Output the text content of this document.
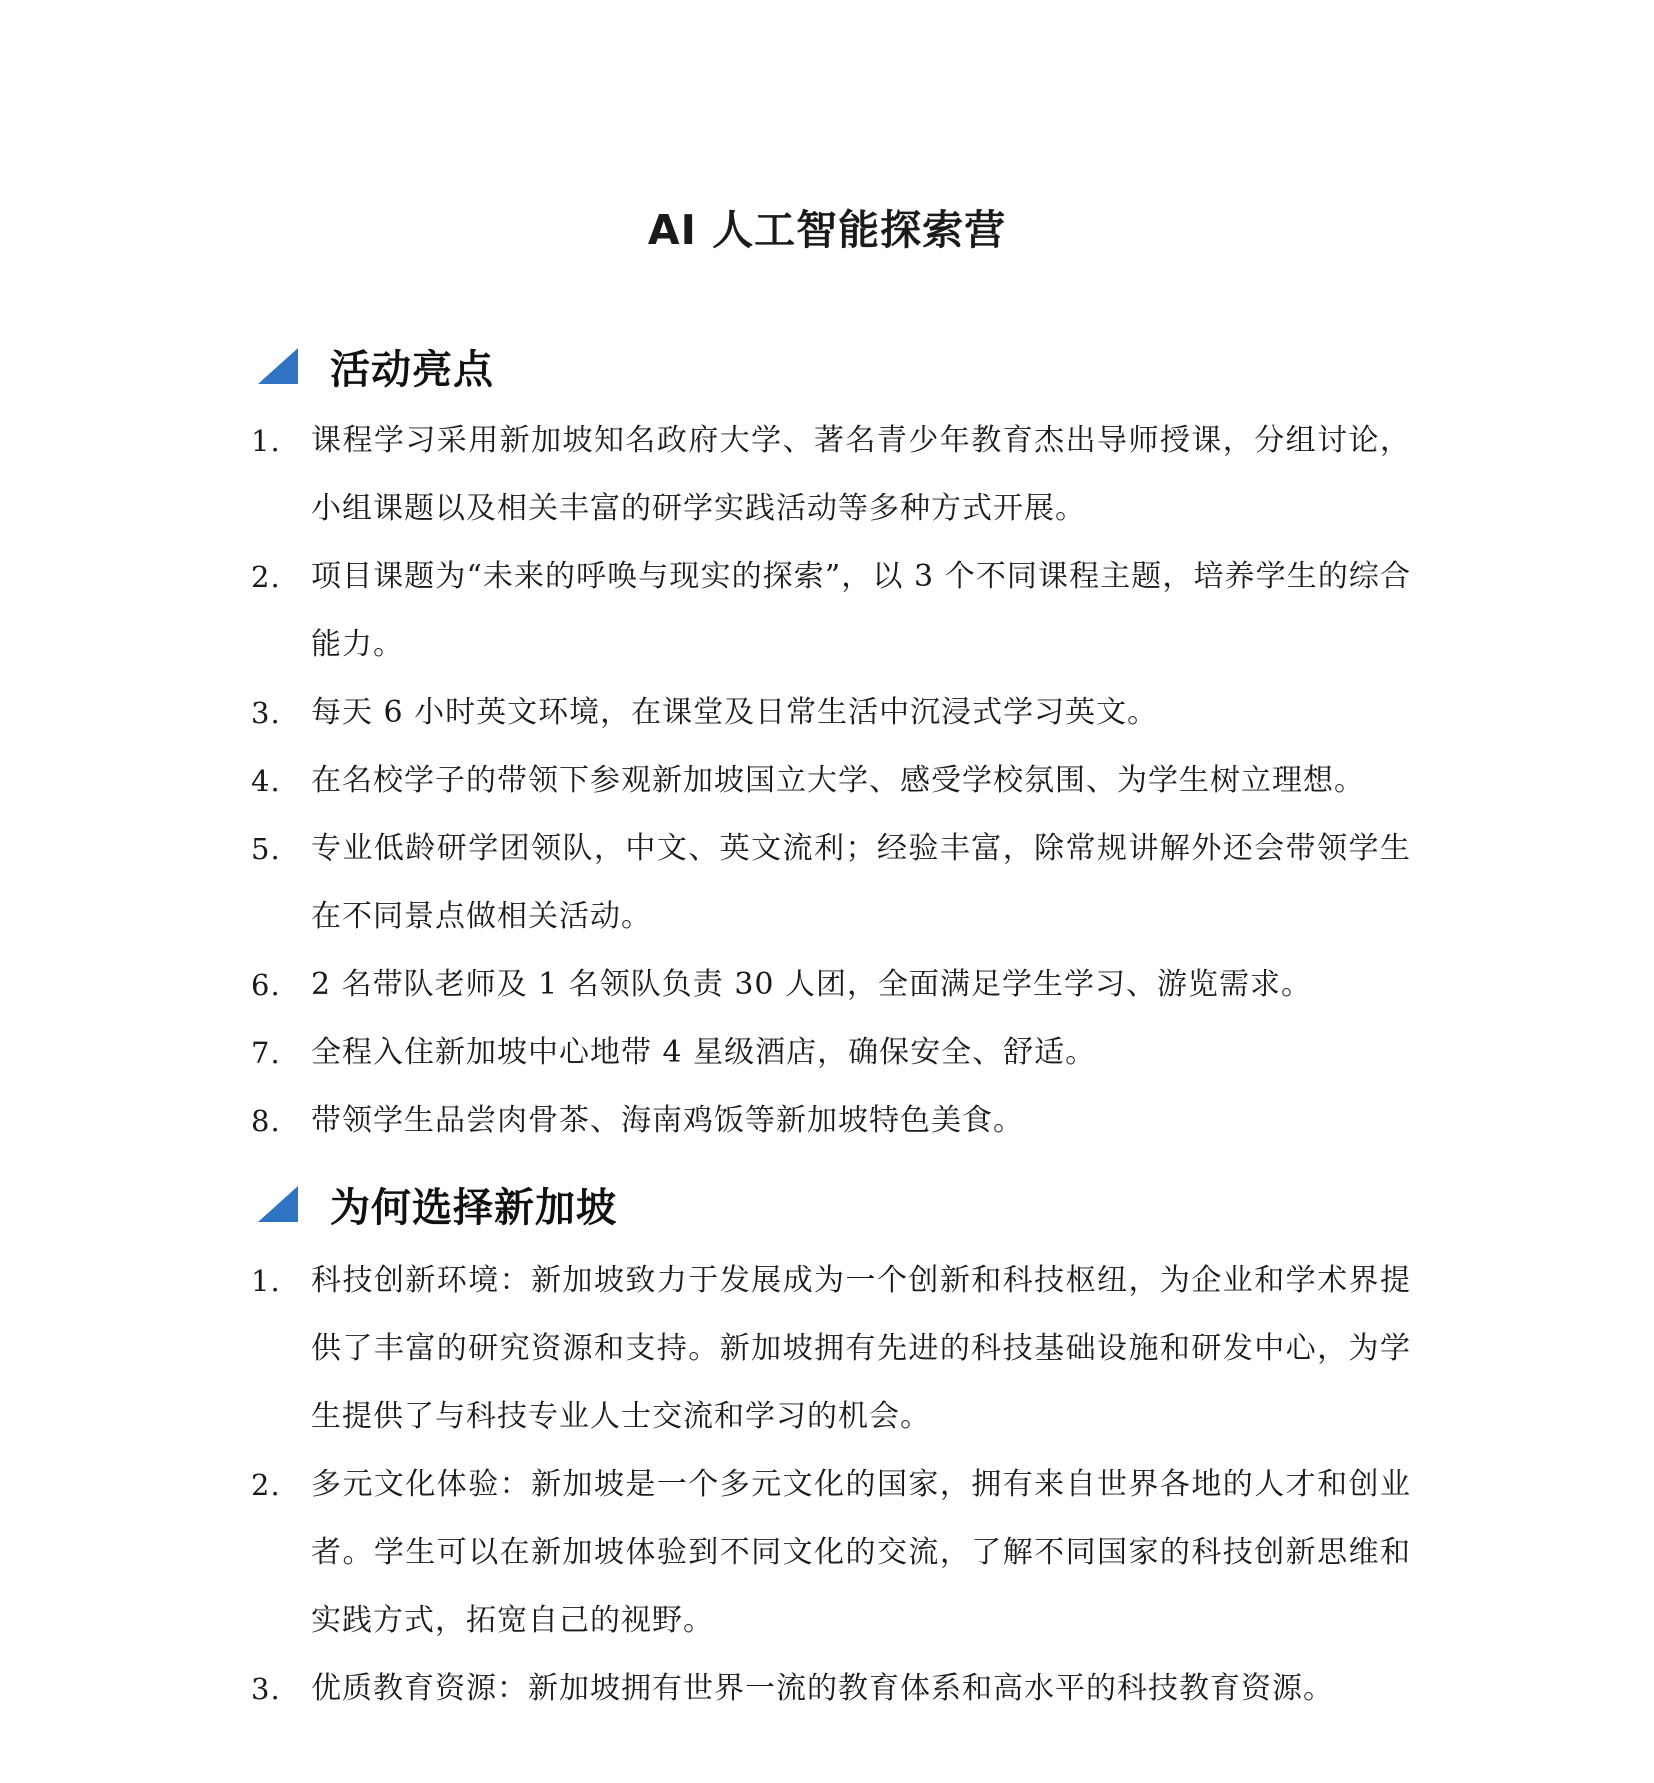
AI 人工智能探索营
活动亮点
1. 课程学习采用新加坡知名政府大学、著名青少年教育杰出导师授课，分组讨论，小组课题以及相关丰富的研学实践活动等多种方式开展。
2. 项目课题为“未来的呼唤与现实的探索”，以 3 个不同课程主题，培养学生的综合能力。
3. 每天 6 小时英文环境，在课堂及日常生活中沉浸式学习英文。
4. 在名校学子的带领下参观新加坡国立大学、感受学校氛围、为学生树立理想。
5. 专业低龄研学团领队，中文、英文流利；经验丰富，除常规讲解外还会带领学生在不同景点做相关活动。
6. 2 名带队老师及 1 名领队负责 30 人团，全面满足学生学习、游览需求。
7. 全程入住新加坡中心地带 4 星级酒店，确保安全、舒适。
8. 带领学生品尝肉骨茶、海南鸡饭等新加坡特色美食。
为何选择新加坡
1. 科技创新环境：新加坡致力于发展成为一个创新和科技枢纽，为企业和学术界提供了丰富的研究资源和支持。新加坡拥有先进的科技基础设施和研发中心，为学生提供了与科技专业人士交流和学习的机会。
2. 多元文化体验：新加坡是一个多元文化的国家，拥有来自世界各地的人才和创业者。学生可以在新加坡体验到不同文化的交流，了解不同国家的科技创新思维和实践方式，拓宽自己的视野。
3. 优质教育资源：新加坡拥有世界一流的教育体系和高水平的科技教育资源。
